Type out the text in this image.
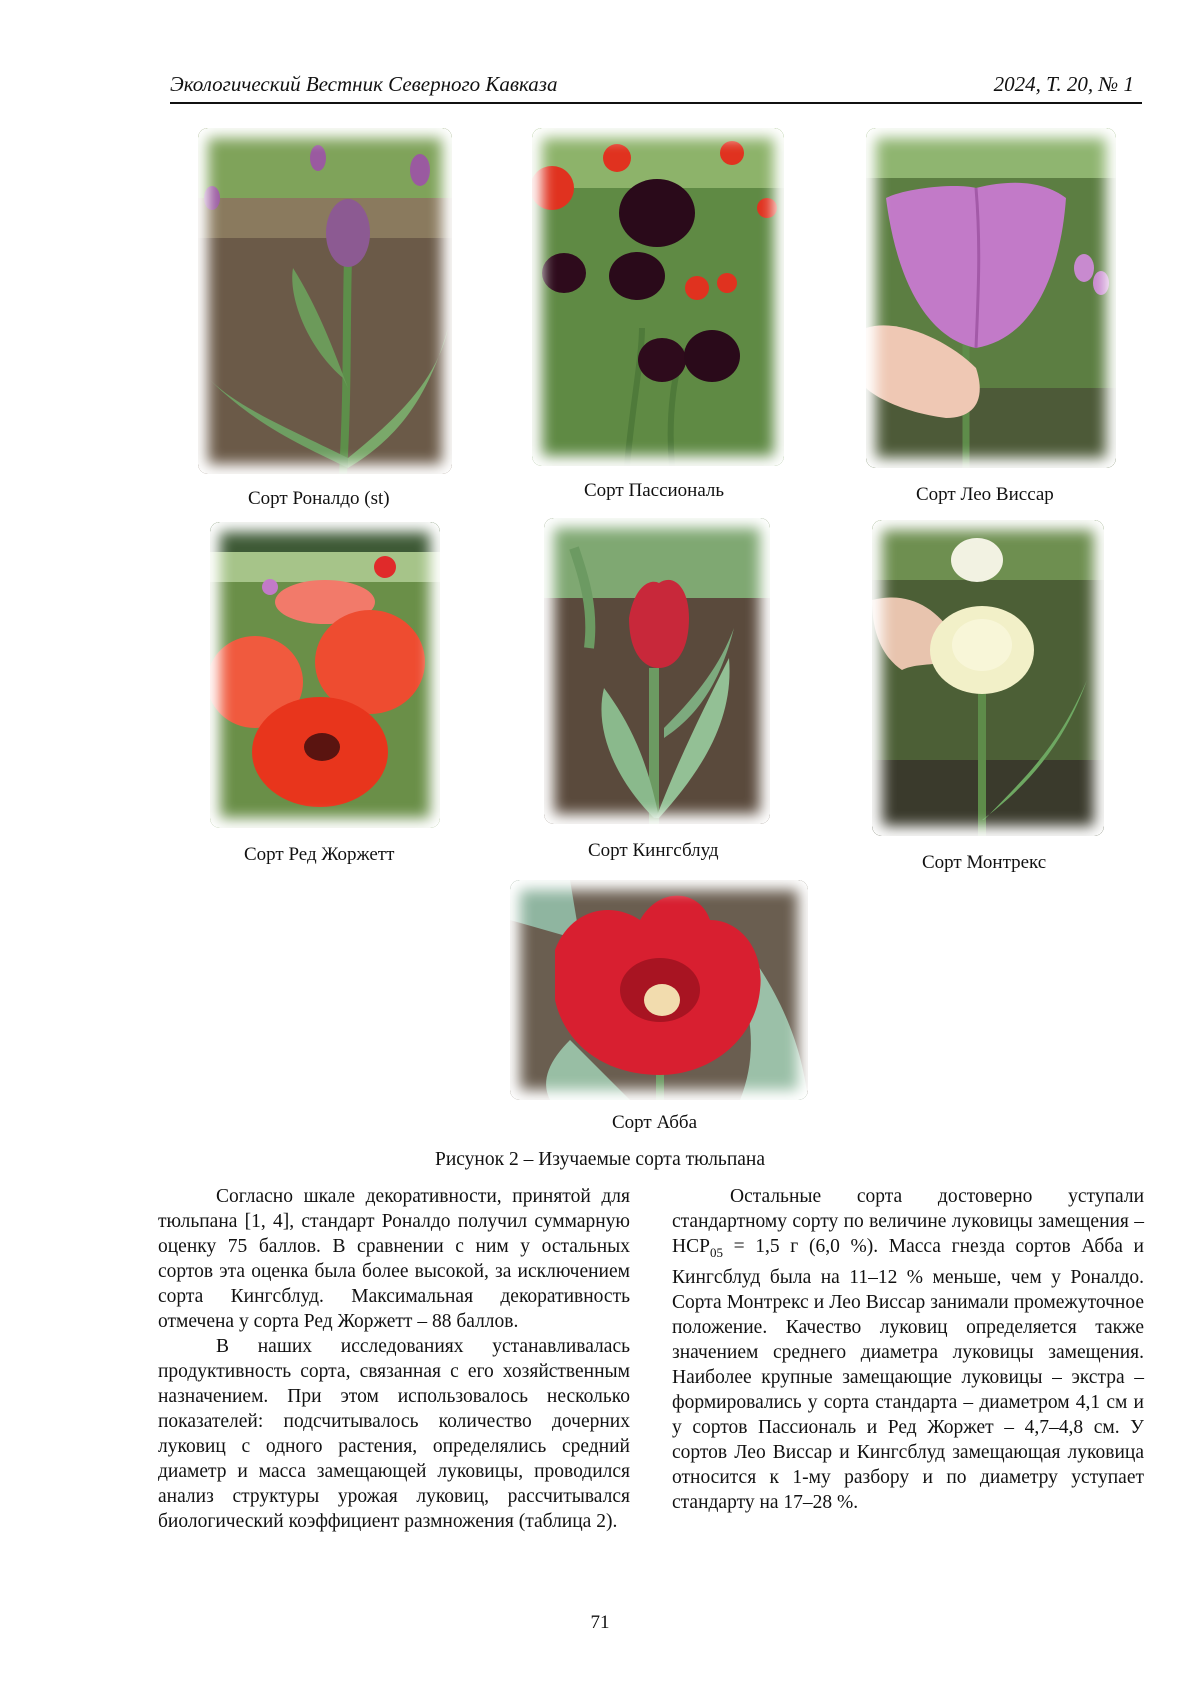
Экологический Вестник Северного Кавказа	2024, Т. 20, № 1
Сорт Роналдо (st)	Сорт Пассиональ	Сорт Лео Виссар
Сорт Ред Жоржетт	Сорт Кингсблуд
Сорт Монтрекс
Сорт Абба
Рисунок 2 – Изучаемые сорта тюльпана

Согласно шкале декоративности, принятой для тюльпана [1, 4], стандарт Роналдо получил суммарную оценку 75 баллов. В сравнении с ним у остальных сортов эта оценка была более высокой, за исключением сорта Кингсблуд. Максимальная декоративность отмечена у сорта Ред Жоржетт – 88 баллов.

В наших исследованиях устанавливалась продуктивность сорта, связанная с его хозяйственным назначением. При этом использовалось несколько показателей: подсчитывалось количество дочерних луковиц с одного растения, определялись средний диаметр и масса замещающей луковицы, проводился анализ структуры урожая луковиц, рассчитывался биологический коэффициент размножения (таблица 2).

Остальные сорта достоверно уступали стандартному сорту по величине луковицы замещения – $НСР_{05} = 1,5$ г (6,0 %). Масса гнезда сортов Абба и Кингсблуд была на 11–12 % меньше, чем у Роналдо. Сорта Монтрекс и Лео Виссар занимали промежуточное положение. Качество луковиц определяется также значением среднего диаметра луковицы замещения. Наиболее крупные замещающие луковицы – экстра – формировались у сорта стандарта – диаметром 4,1 см и у сортов Пассиональ и Ред Жоржет – 4,7–4,8 см. У сортов Лео Виссар и Кингсблуд замещающая луковица относится к 1-му разбору и по диаметру уступает стандарту на 17–28 %.

71
